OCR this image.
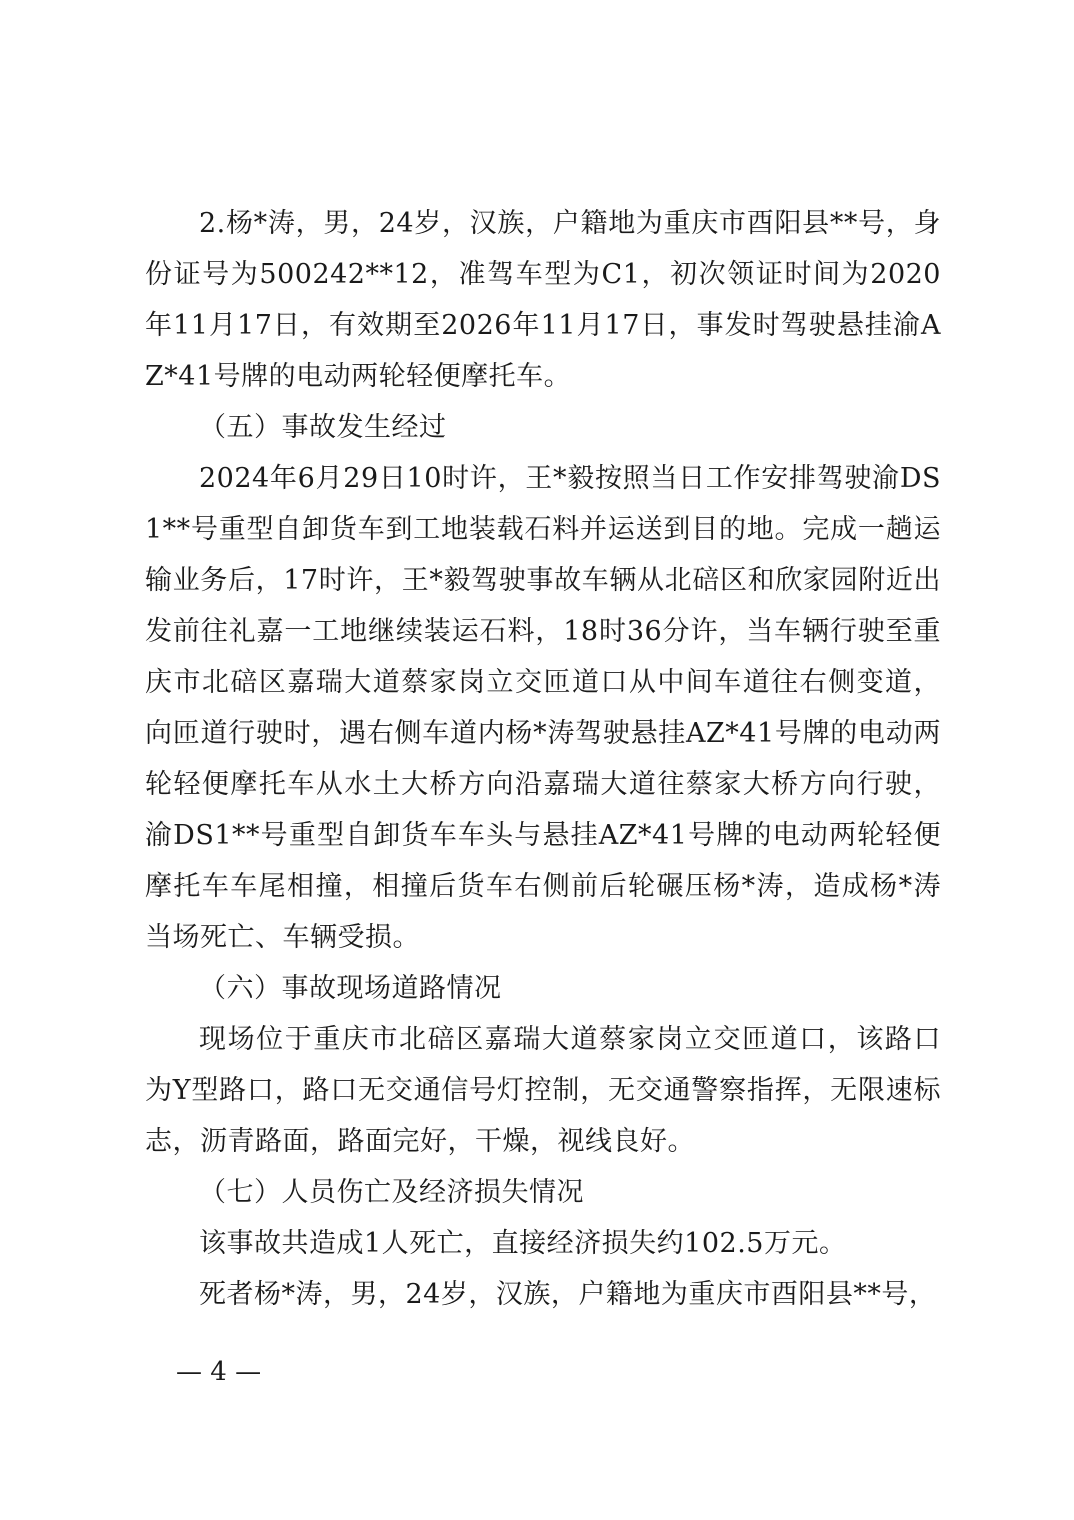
2.杨*涛，男，24岁，汉族，户籍地为重庆市酉阳县**号，身份证号为500242**12，准驾车型为C1，初次领证时间为2020年11月17日，有效期至2026年11月17日，事发时驾驶悬挂渝AZ*41号牌的电动两轮轻便摩托车。

（五）事故发生经过

2024年6月29日10时许，王*毅按照当日工作安排驾驶渝DS1**号重型自卸货车到工地装载石料并运送到目的地。完成一趟运输业务后，17时许，王*毅驾驶事故车辆从北碚区和欣家园附近出发前往礼嘉一工地继续装运石料，18时36分许，当车辆行驶至重庆市北碚区嘉瑞大道蔡家岗立交匝道口从中间车道往右侧变道，向匝道行驶时，遇右侧车道内杨*涛驾驶悬挂AZ*41号牌的电动两轮轻便摩托车从水土大桥方向沿嘉瑞大道往蔡家大桥方向行驶，渝DS1**号重型自卸货车车头与悬挂AZ*41号牌的电动两轮轻便摩托车车尾相撞，相撞后货车右侧前后轮碾压杨*涛，造成杨*涛当场死亡、车辆受损。

（六）事故现场道路情况

现场位于重庆市北碚区嘉瑞大道蔡家岗立交匝道口，该路口为Y型路口，路口无交通信号灯控制，无交通警察指挥，无限速标志，沥青路面，路面完好，干燥，视线良好。

（七）人员伤亡及经济损失情况

该事故共造成1人死亡，直接经济损失约102.5万元。

死者杨*涛，男，24岁，汉族，户籍地为重庆市酉阳县**号，

— 4 —
